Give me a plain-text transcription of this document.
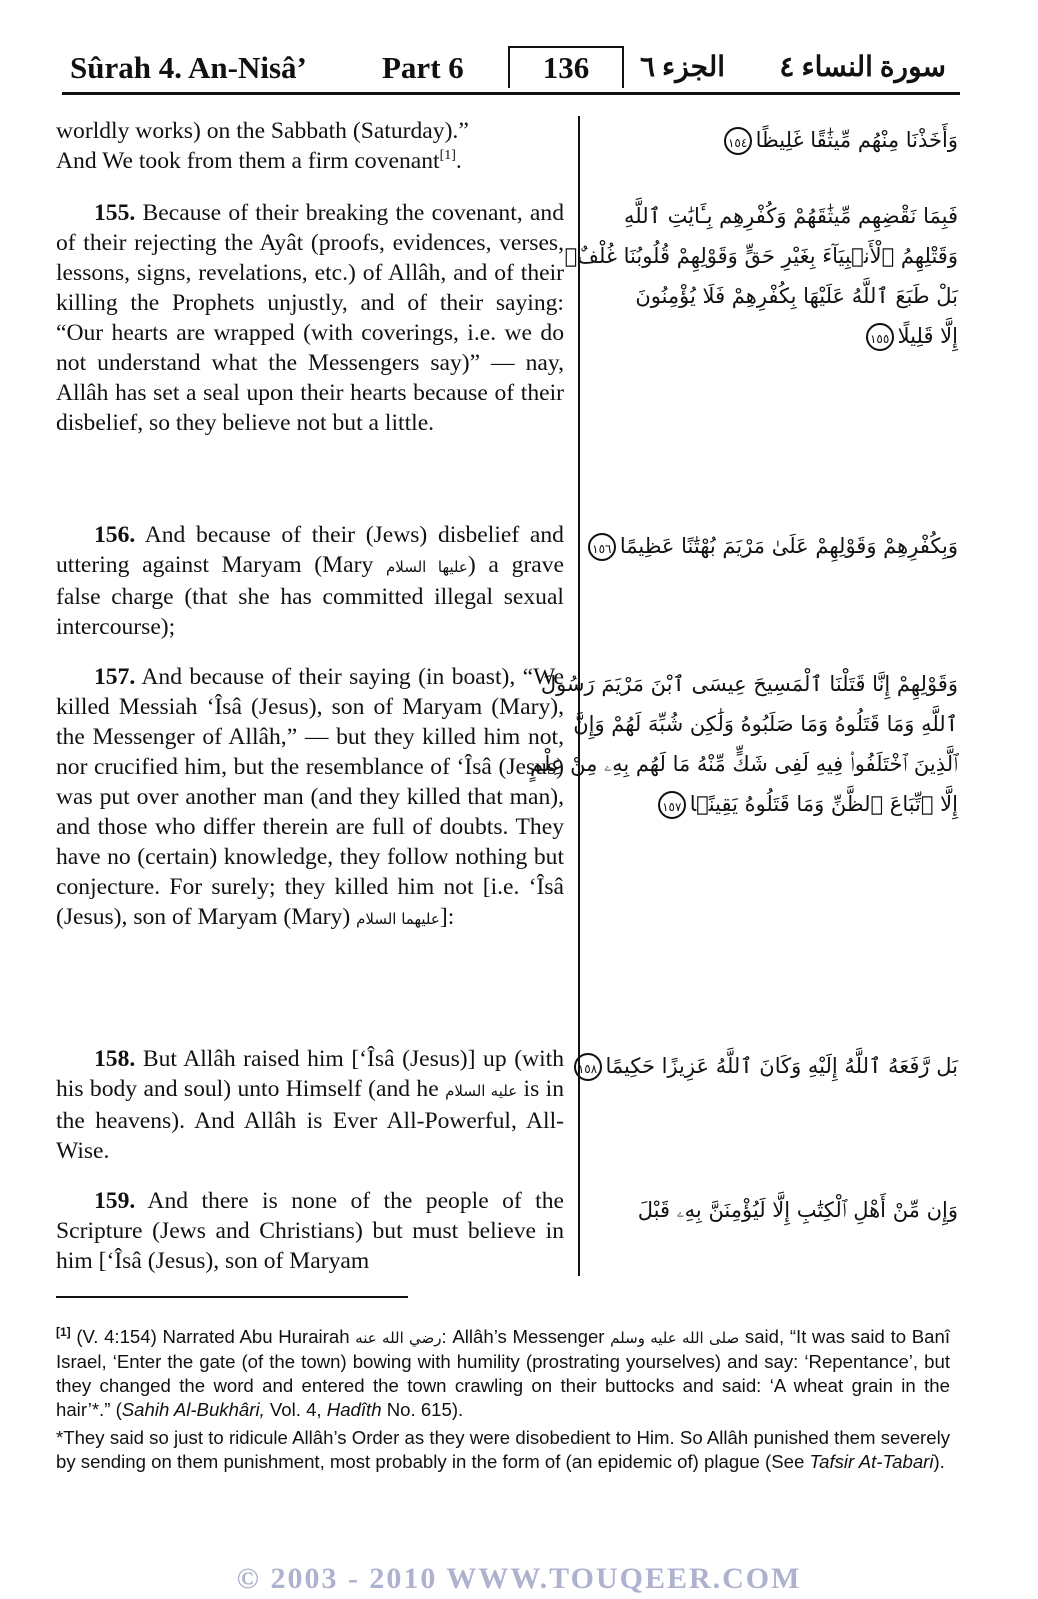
Sûrah 4. An-Nisâ’ Part 6	136	الجزء ٦ سورة النساء ٤

worldly works) on the Sabbath (Saturday).”

And We took from them a firm covenant[1].

155. Because of their breaking the covenant, and of their rejecting the Ayât (proofs, evidences, verses, lessons, signs, revelations, etc.) of Allâh, and of their killing the Prophets unjustly, and of their saying: “Our hearts are wrapped (with coverings, i.e. we do not understand what the Messengers say)” — nay, Allâh has set a seal upon their hearts because of their disbelief, so they believe not but a little.

156. And because of their (Jews) disbelief and uttering against Maryam (Mary عليها السلام) a grave false charge (that she has committed illegal sexual intercourse);

157. And because of their saying (in boast), “We killed Messiah ‘Îsâ (Jesus), son of Maryam (Mary), the Messenger of Allâh,” — but they killed him not, nor crucified him, but the resemblance of ‘Îsâ (Jesus) was put over another man (and they killed that man), and those who differ therein are full of doubts. They have no (certain) knowledge, they follow nothing but conjecture. For surely; they killed him not [i.e. ‘Îsâ (Jesus), son of Maryam (Mary) عليهما السلام]:

158. But Allâh raised him [‘Îsâ (Jesus)] up (with his body and soul) unto Himself (and he عليه السلام is in the heavens). And Allâh is Ever All-Powerful, All-Wise.

159. And there is none of the people of the Scripture (Jews and Christians) but must believe in him [‘Îsâ (Jesus), son of Maryam

وَأَخَذْنَا مِنْهُم مِّيثَٰقًا غَلِيظًا١٥٤
فَبِمَا نَقْضِهِم مِّيثَٰقَهُمْ وَكُفْرِهِم بِـَٔايَٰتِ ٱللَّهِ
وَقَتْلِهِمُ ٱلْأَنۢبِيَآءَ بِغَيْرِ حَقٍّ وَقَوْلِهِمْ قُلُوبُنَا غُلْفٌۢ
بَلْ طَبَعَ ٱللَّهُ عَلَيْهَا بِكُفْرِهِمْ فَلَا يُؤْمِنُونَ
إِلَّا قَلِيلًا١٥٥
وَبِكُفْرِهِمْ وَقَوْلِهِمْ عَلَىٰ مَرْيَمَ بُهْتَٰنًا عَظِيمًا١٥٦
وَقَوْلِهِمْ إِنَّا قَتَلْنَا ٱلْمَسِيحَ عِيسَى ٱبْنَ مَرْيَمَ رَسُولَ
ٱللَّهِ وَمَا قَتَلُوهُ وَمَا صَلَبُوهُ وَلَٰكِن شُبِّهَ لَهُمْ وَإِنَّ
ٱلَّذِينَ ٱخْتَلَفُوا۟ فِيهِ لَفِى شَكٍّ مِّنْهُ مَا لَهُم بِهِۦ مِنْ عِلْمٍ
إِلَّا ٱتِّبَاعَ ٱلظَّنِّ وَمَا قَتَلُوهُ يَقِينًۢا١٥٧
بَل رَّفَعَهُ ٱللَّهُ إِلَيْهِ وَكَانَ ٱللَّهُ عَزِيزًا حَكِيمًا١٥٨
وَإِن مِّنْ أَهْلِ ٱلْكِتَٰبِ إِلَّا لَيُؤْمِنَنَّ بِهِۦ قَبْلَ

[1] (V. 4:154) Narrated Abu Hurairah رضي الله عنه: Allâh’s Messenger صلى الله عليه وسلم said, “It was said to Banî Israel, ‘Enter the gate (of the town) bowing with humility (prostrating yourselves) and say: ‘Repentance’, but they changed the word and entered the town crawling on their buttocks and said: ‘A wheat grain in the hair’*.” (Sahih Al-Bukhâri, Vol. 4, Hadîth No. 615).

*They said so just to ridicule Allâh’s Order as they were disobedient to Him. So Allâh punished them severely by sending on them punishment, most probably in the form of (an epidemic of) plague (See Tafsir At-Tabari).

© 2003 - 2010 WWW.TOUQEER.COM
